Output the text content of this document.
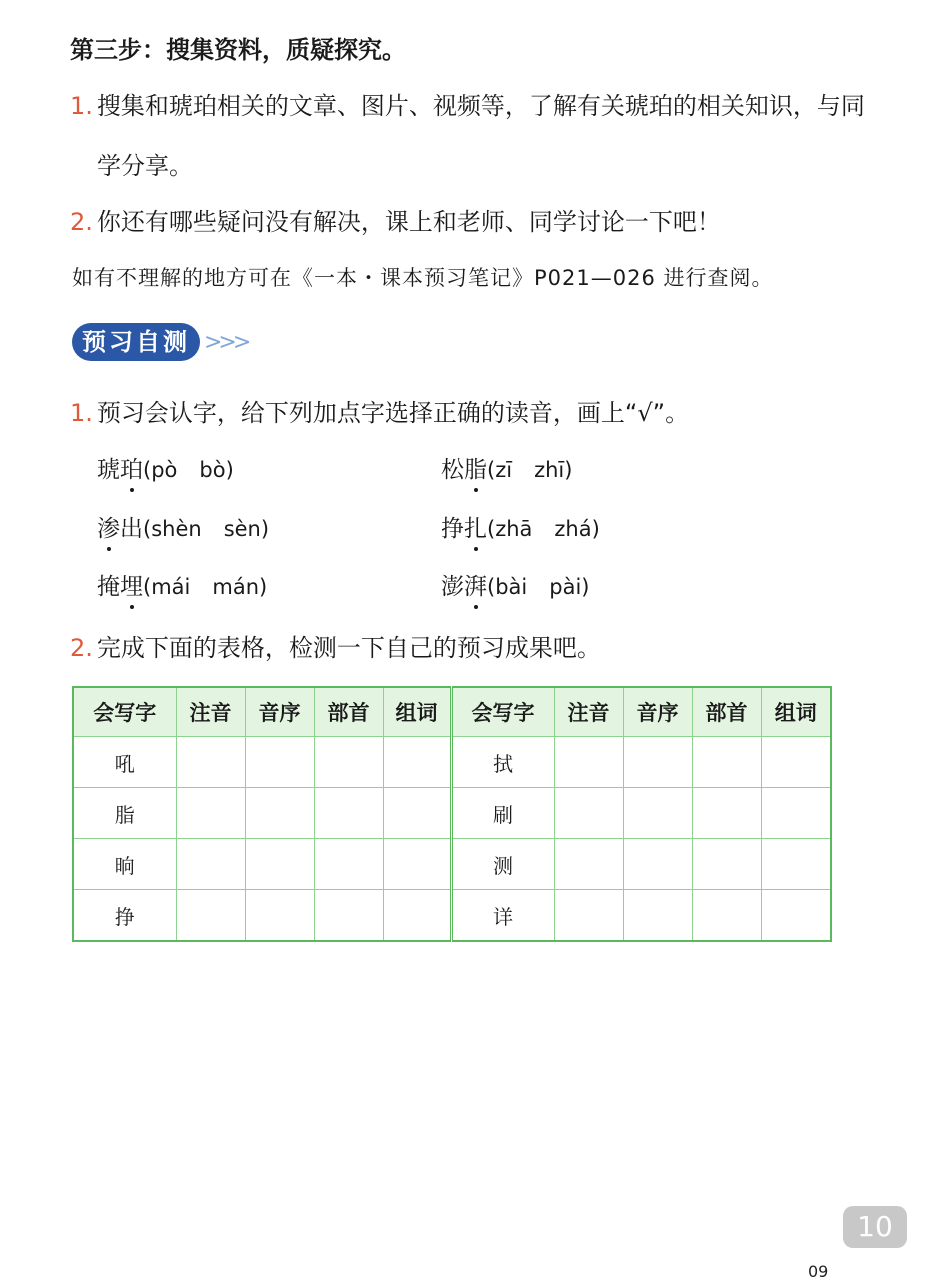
第三步：搜集资料，质疑探究。
1. 搜集和琥珀相关的文章、图片、视频等，了解有关琥珀的相关知识，与同
学分享。
2. 你还有哪些疑问没有解决，课上和老师、同学讨论一下吧！
如有不理解的地方可在《一本・课本预习笔记》P021—026 进行查阅。
预习自测 >>>
1. 预习会认字，给下列加点字选择正确的读音，画上“√”。
琥珀(pò bò)	松脂(zī zhī)
渗出(shèn sèn)	挣扎(zhā zhá)
掩埋(mái mán)	澎湃(bài pài)
2. 完成下面的表格，检测一下自己的预习成果吧。
会写字	注音	音序	部首	组词	会写字	注音	音序	部首	组词
吼					拭				
脂					刷				
晌					测				
挣					详				
10
09
